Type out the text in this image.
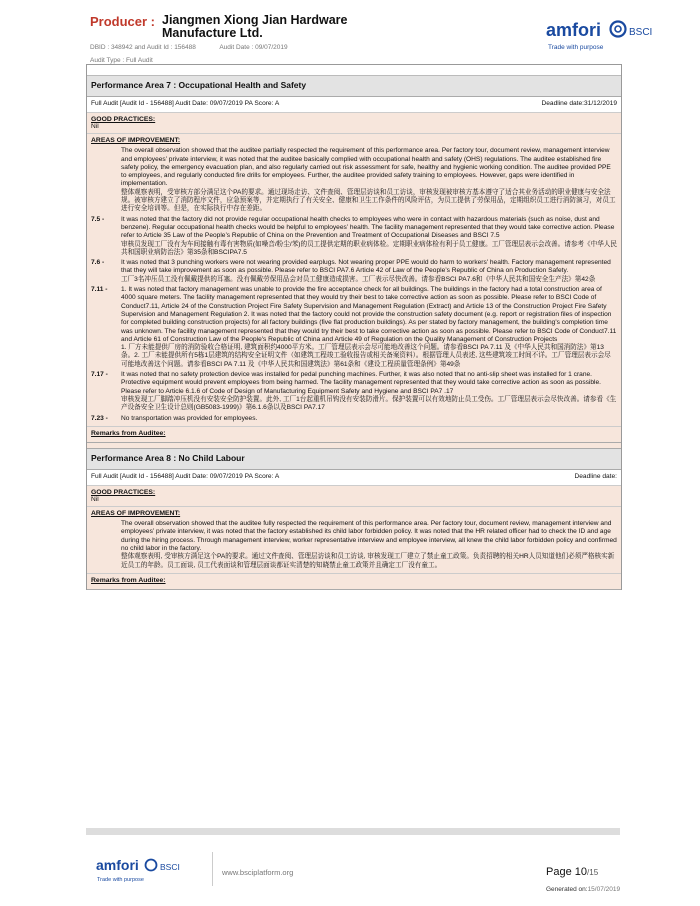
Producer : Jiangmen Xiong Jian Hardware Manufacture Ltd.
DBID : 348942 and Audit Id : 156488	Audit Date : 09/07/2019
Audit Type : Full Audit
amfori	BSCI
Trade with purpose
Performance Area 7 : Occupational Health and Safety
Full Audit [Audit Id - 156488] Audit Date: 09/07/2019 PA Score: A	Deadline date:31/12/2019
GOOD PRACTICES:
Nil
AREAS OF IMPROVEMENT:
The overall observation showed that the auditee partially respected the requirement of this performance area. Per factory tour, document review, management interview and employees’ private interview, it was noted that the auditee basically complied with occupational health and safety (OHS) regulations. The auditee established fire safety policy, the emergency evacuation plan, and also regularly carried out risk assessment for safe, healthy and hygienic working condition. The auditee provided PPE to employees, and regularly conducted fire drills for employees. Further, the auditee provided safety training to employees. However, gaps were identified in implementation.
整体观察表明，受审核方部分满足这个PA的要求。通过现场走访、文件查阅、管理层访谈和员工访谈，审核发现被审核方基本遵守了适合其业务活动的职业健康与安全法规。被审核方建立了消防程序文件，应急预案等，并定期执行了有关安全、健康和卫生工作条件的风险评估，为员工提供了劳保用品，定期组织员工进行消防演习，对员工进行安全培训等。但是，在实际执行中存在差距。
7.5 -	It was noted that the factory did not provide regular occupational health checks to employees who were in contact with hazardous materials (such as noise, dust and benzene). Regular occupational health checks would be helpful to employees’ health. The facility management represented that they would take corrective action. Please refer to Article 35 Law of the People’s Republic of China on the Prevention and Treatment of Occupational Diseases and BSCI 7.5
审核员发现工厂没有为车间接触有毒有害物质(如噪音/粉尘/苯)的员工提供定期的职业病体检。定期职业病体检有利于员工健康。工厂管理层表示会改善。请参考《中华人民共和国职业病防治法》第35条和BSCIPA7.5
7.6 -	It was noted that 3 punching workers were not wearing provided earplugs. Not wearing proper PPE would do harm to workers' health. Factory management represented that they will take improvement as soon as possible. Please refer to BSCI PA7.6 Article 42 of Law of the People’s Republic of China on Production Safety.
工厂3名冲压员工没有佩戴提供的耳塞。没有佩戴劳保用品会对员工健康造成损害。工厂表示尽快改善。请参看BSCI PA7.6和《中华人民共和国安全生产法》第42条
7.11 -	1. It was noted that factory management was unable to provide the fire acceptance check for all buildings. The buildings in the factory had a total construction area of 4000 square meters. The facility management represented that they would try their best to take corrective action as soon as possible. Please refer to BSCI Code of Conduct7.11, Article 24 of the Construction Project Fire Safety Supervision and Management Regulation (Extract) and Article 13 of the Construction Project Fire Safety Supervision and Management Regulation 2. It was noted that the factory could not provide the construction safety document (e.g. report or registration files of inspection for completed building construction projects) for all factory buildings (five flat production buildings). As per stated by factory management, the building's completion time was unknown. The facility management represented that they would try their best to take corrective action as soon as possible. Please refer to BSCI Code of Conduct7.11 and Article 61 of Construction Law of the People's Republic of China and Article 49 of Regulation on the Quality Management of Construction Projects
1. 厂方未能提供厂房的消防验收合格证明, 建筑面积约4000平方米。工厂管理层表示会尽可能地改善这个问题。请参看BSCI PA 7.11 及《中华人民共和国消防法》第13条。2. 工厂未能提供所有5栋1层建筑的结构安全证明文件（如建筑工程竣工验收报告或相关备案资料）。根据管理人员表述, 这些建筑竣工时间不详。工厂管理层表示会尽可能地改善这个问题。请参看BSCI PA 7.11 及《中华人民共和国建筑法》第61条和《建设工程质量管理条例》第49条
7.17 -	It was noted that no safety protection device was installed for pedal punching machines. Further, it was also noted that no anti-slip sheet was installed for 1 crane. Protective equipment would prevent employees from being harmed. The facility management represented that they would take corrective action as soon as possible. Please refer to Article 6.1.6 of Code of Design of Manufacturing Equipment Safety and Hygiene and BSCI PA7 .17
审核发现工厂脚踏冲压机没有安装安全防护装置。此外, 工厂1台起重机吊钩没有安装防滑片。保护装置可以有效地防止员工受伤。工厂管理层表示会尽快改善。请参看《生产设备安全卫生设计总则(GB5083-1999)》第6.1.6条以及BSCI PA7.17
7.23 -	No transportation was provided for employees.
Remarks from Auditee:
Performance Area 8 : No Child Labour
Full Audit [Audit Id - 156488] Audit Date: 09/07/2019 PA Score: A	Deadline date:
GOOD PRACTICES:
Nil
AREAS OF IMPROVEMENT:
The overall observation showed that the auditee fully respected the requirement of this performance area. Per factory tour, document review, management interview and employees’ private interview, it was noted that the factory established its child labor forbidden policy. It was noted that the HR related officer had to check the ID and age during the hiring process. Through management interview, worker representative interview and employee interview, all knew the child labor forbidden policy and confirmed no child labor in the factory.
整体观察表明, 受审核方满足这个PA的要求。通过文件查阅、管理层访谈和员工访谈, 审核发现工厂建立了禁止童工政策。负责招聘的相关HR人员知道他们必须严格核实新近员工的年龄。员工面谈, 员工代表面谈和管理层面谈都证实清楚的知晓禁止童工政策并且确定工厂没有童工。
Remarks from Auditee:
amfori BSCI
Trade with purpose
www.bsciplatform.org	Page 10/15
Generated on:15/07/2019
